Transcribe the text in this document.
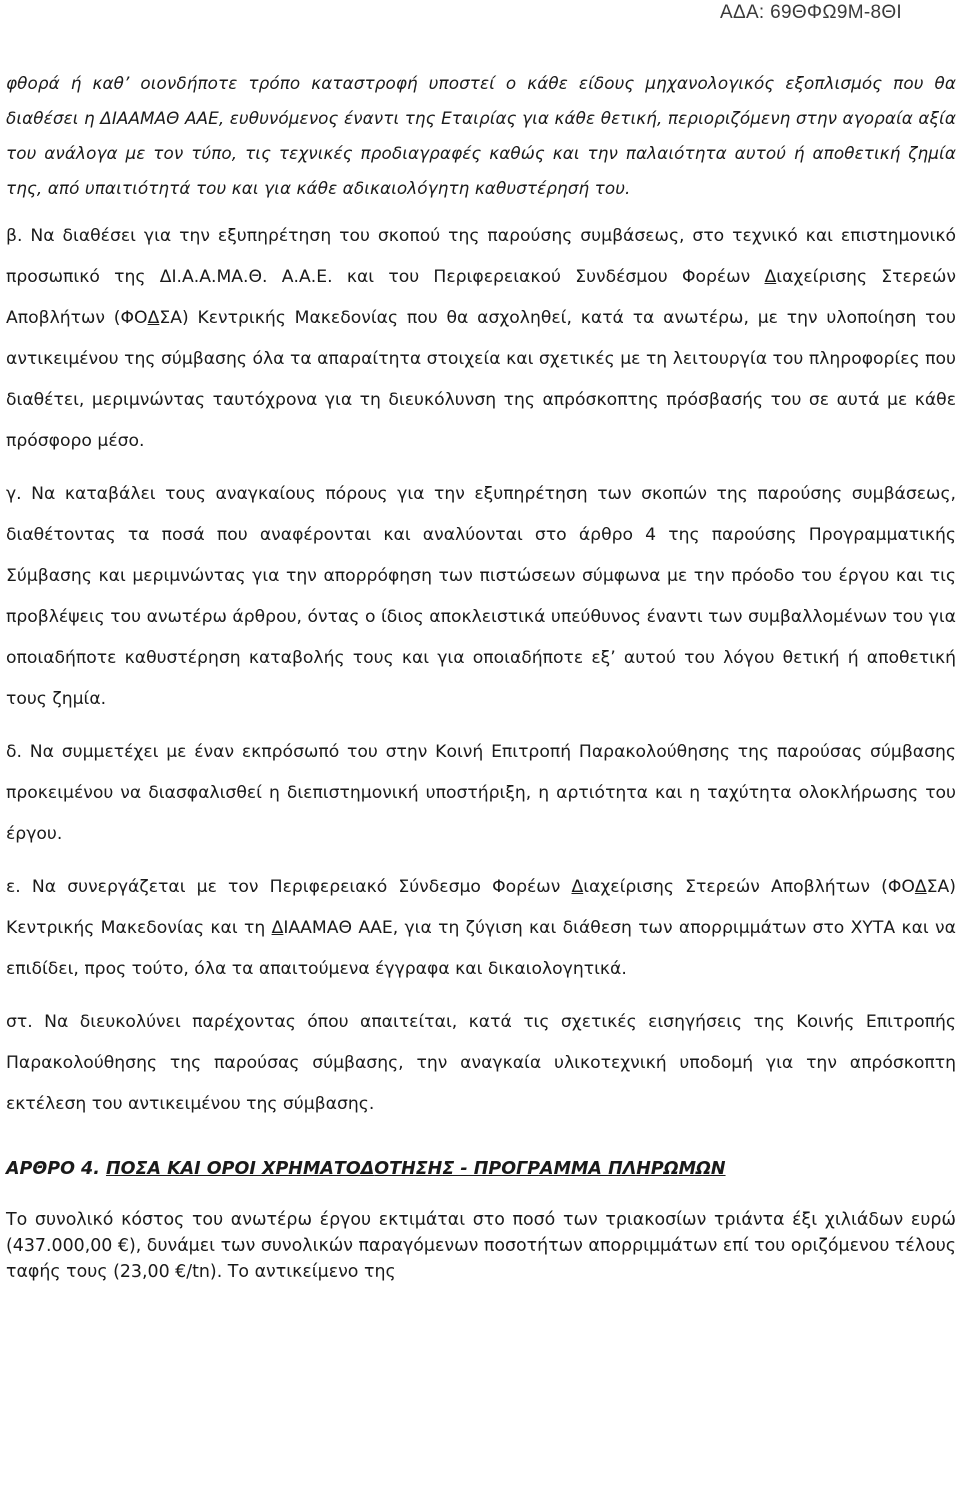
ΑΔΑ: 69ΘΦΩ9Μ-8ΘΙ

φθορά ή καθ’ οιονδήποτε τρόπο καταστροφή υποστεί ο κάθε είδους μηχανολογικός εξοπλισμός που θα διαθέσει η ΔΙΑΑΜΑΘ ΑΑΕ, ευθυνόμενος έναντι της Εταιρίας για κάθε θετική, περιοριζόμενη στην αγοραία αξία του ανάλογα με τον τύπο, τις τεχνικές προδιαγραφές καθώς και την παλαιότητα αυτού ή αποθετική ζημία της, από υπαιτιότητά του και για κάθε αδικαιολόγητη καθυστέρησή του.

β. Να διαθέσει για την εξυπηρέτηση του σκοπού της παρούσης συμβάσεως, στο τεχνικό και επιστημονικό προσωπικό της ΔΙ.Α.Α.ΜΑ.Θ. Α.Α.Ε. και του Περιφερειακού Συνδέσμου Φορέων Διαχείρισης Στερεών Αποβλήτων (ΦΟΔΣΑ) Κεντρικής Μακεδονίας που θα ασχοληθεί, κατά τα ανωτέρω, με την υλοποίηση του αντικειμένου της σύμβασης όλα τα απαραίτητα στοιχεία και σχετικές με τη λειτουργία του πληροφορίες που διαθέτει, μεριμνώντας ταυτόχρονα για τη διευκόλυνση της απρόσκοπτης πρόσβασής του σε αυτά με κάθε πρόσφορο μέσο.

γ. Να καταβάλει τους αναγκαίους πόρους για την εξυπηρέτηση των σκοπών της παρούσης συμβάσεως, διαθέτοντας τα ποσά που αναφέρονται και αναλύονται στο άρθρο 4 της παρούσης Προγραμματικής Σύμβασης και μεριμνώντας για την απορρόφηση των πιστώσεων σύμφωνα με την πρόοδο του έργου και τις προβλέψεις του ανωτέρω άρθρου, όντας ο ίδιος αποκλειστικά υπεύθυνος έναντι των συμβαλλομένων του για οποιαδήποτε καθυστέρηση καταβολής τους και για οποιαδήποτε εξ’ αυτού του λόγου θετική ή αποθετική τους ζημία.

δ. Να συμμετέχει με έναν εκπρόσωπό του στην Κοινή Επιτροπή Παρακολούθησης της παρούσας σύμβασης προκειμένου να διασφαλισθεί η διεπιστημονική υποστήριξη, η αρτιότητα και η ταχύτητα ολοκλήρωσης του έργου.

ε. Να συνεργάζεται με τον Περιφερειακό Σύνδεσμο Φορέων Διαχείρισης Στερεών Αποβλήτων (ΦΟΔΣΑ) Κεντρικής Μακεδονίας και τη ΔΙΑΑΜΑΘ ΑΑΕ, για τη ζύγιση και διάθεση των απορριμμάτων στο ΧΥΤΑ και να επιδίδει, προς τούτο, όλα τα απαιτούμενα έγγραφα και δικαιολογητικά.

στ. Να διευκολύνει παρέχοντας όπου απαιτείται, κατά τις σχετικές εισηγήσεις της Κοινής Επιτροπής Παρακολούθησης της παρούσας σύμβασης, την αναγκαία υλικοτεχνική υποδομή για την απρόσκοπτη εκτέλεση του αντικειμένου της σύμβασης.

ΑΡΘΡΟ 4. ΠΟΣΑ ΚΑΙ ΟΡΟΙ ΧΡΗΜΑΤΟΔΟΤΗΣΗΣ - ΠΡΟΓΡΑΜΜΑ ΠΛΗΡΩΜΩΝ

Το συνολικό κόστος του ανωτέρω έργου εκτιμάται στο ποσό των τριακοσίων τριάντα έξι χιλιάδων ευρώ (437.000,00 €), δυνάμει των συνολικών παραγόμενων ποσοτήτων απορριμμάτων επί του οριζόμενου τέλους ταφής τους (23,00 €/tn). Το αντικείμενο της
